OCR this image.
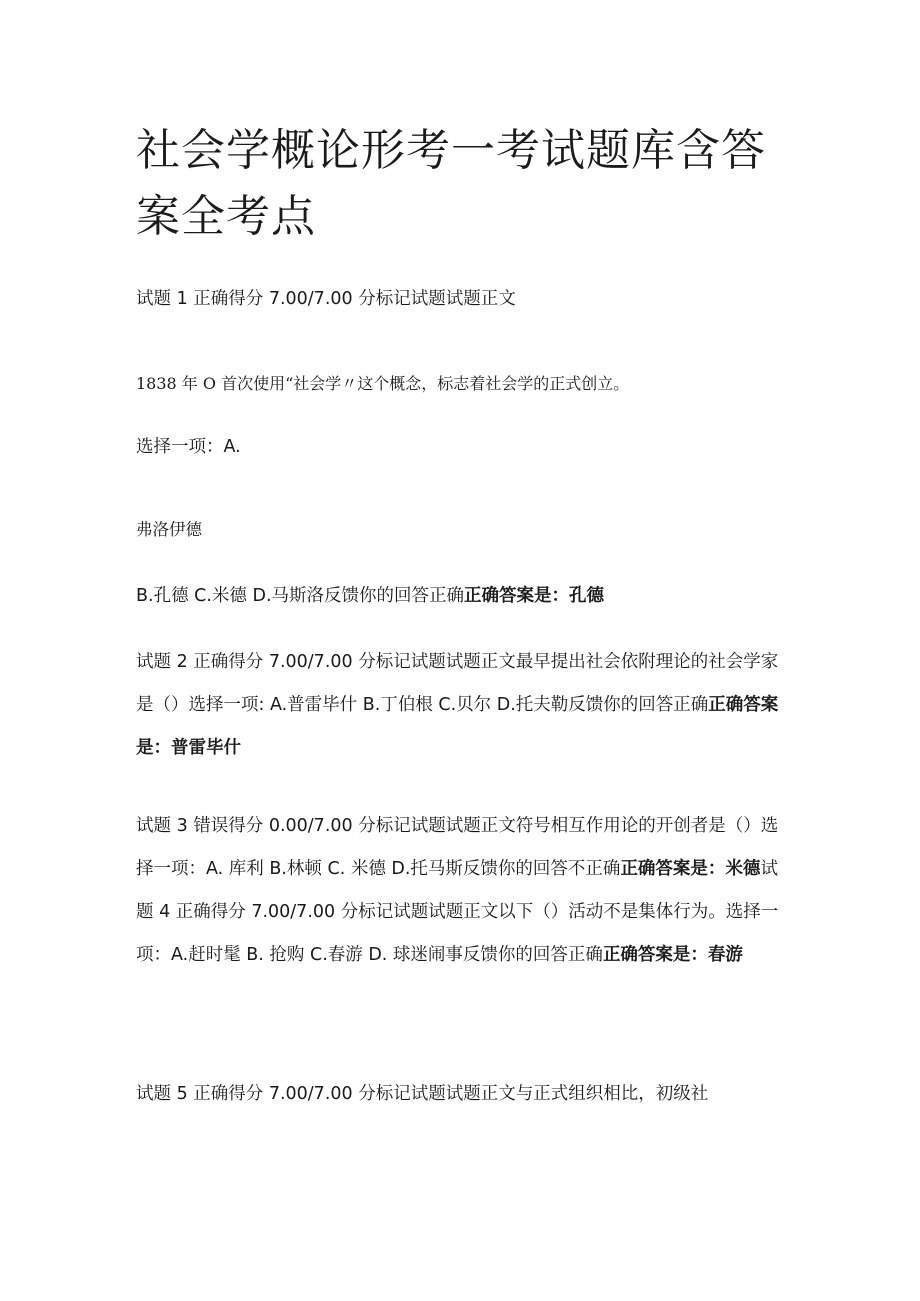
社会学概论形考一考试题库含答案全考点

试题 1 正确得分 7.00/7.00 分标记试题试题正文

1838 年 O 首次使用“社会学〃这个概念，标志着社会学的正式创立。

选择一项：A.

弗洛伊德

B.孔德 C.米德 D.马斯洛反馈你的回答正确正确答案是：孔德

试题 2 正确得分 7.00/7.00 分标记试题试题正文最早提出社会依附理论的社会学家是（）选择一项: A.普雷毕什 B.丁伯根 C.贝尔 D.托夫勒反馈你的回答正确正确答案是：普雷毕什

试题 3 错误得分 0.00/7.00 分标记试题试题正文符号相互作用论的开创者是（）选择一项：A. 库利 B.林顿 C. 米德 D.托马斯反馈你的回答不正确正确答案是：米德试题 4 正确得分 7.00/7.00 分标记试题试题正文以下（）活动不是集体行为。选择一项：A.赶时髦 B. 抢购 C.春游 D. 球迷闹事反馈你的回答正确正确答案是：春游

试题 5 正确得分 7.00/7.00 分标记试题试题正文与正式组织相比，初级社
